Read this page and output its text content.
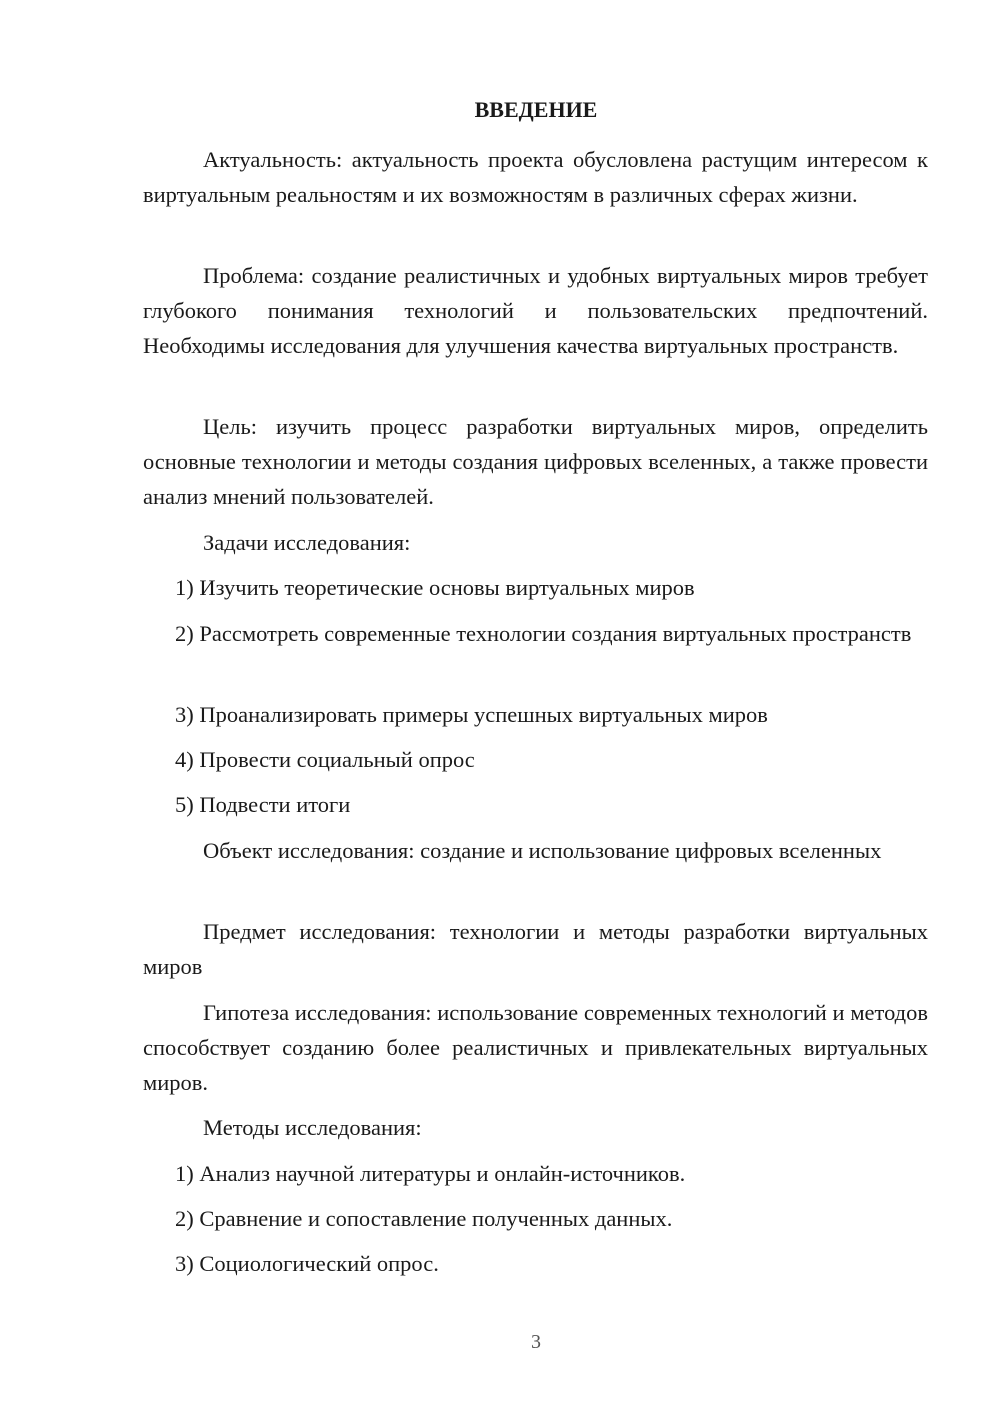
ВВЕДЕНИЕ

Актуальность: актуальность проекта обусловлена растущим интересом к виртуальным реальностям и их возможностям в различных сферах жизни.

Проблема: создание реалистичных и удобных виртуальных миров требует глубокого понимания технологий и пользовательских предпочтений. Необходимы исследования для улучшения качества виртуальных пространств.

Цель: изучить процесс разработки виртуальных миров, определить основные технологии и методы создания цифровых вселенных, а также провести анализ мнений пользователей.

Задачи исследования:

1) Изучить теоретические основы виртуальных миров

2) Рассмотреть современные технологии создания виртуальных пространств

3) Проанализировать примеры успешных виртуальных миров

4) Провести социальный опрос

5) Подвести итоги

Объект исследования: создание и использование цифровых вселенных

Предмет исследования: технологии и методы разработки виртуальных миров

Гипотеза исследования: использование современных технологий и методов способствует созданию более реалистичных и привлекательных виртуальных миров.

Методы исследования:

1) Анализ научной литературы и онлайн-источников.

2) Сравнение и сопоставление полученных данных.

3) Социологический опрос.

3
